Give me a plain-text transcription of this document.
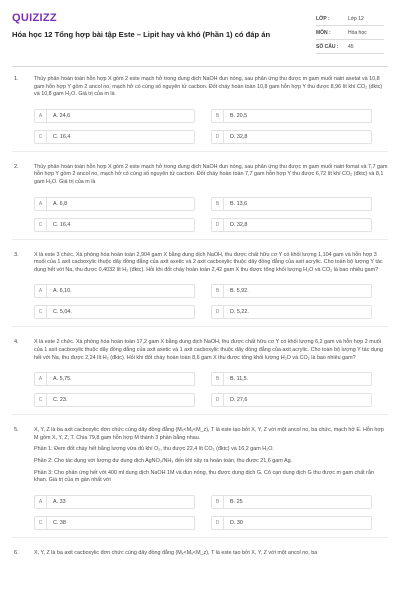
QUIZIZZ
Hóa học 12 Tổng hợp bài tập Este – Lipit hay và khó (Phần 1) có đáp án
LỚP :	Lớp 12
MÔN :	Hóa học
SỐ CÂU :	45
1.	Thủy phân hoàn toàn hỗn hợp X gồm 2 este mạch hở trong dung dịch NaOH đun nóng, sau phản ứng thu được m gam muối natri axetat và 10,8 gam hỗn hợp Y gồm 2 ancol no, mạch hở có cùng số nguyên tử cacbon. Đốt cháy hoàn toàn 10,8 gam hỗn hợp Y thu được 8,96 lít khí CO₂ (đktc) và 10,8 gam H₂O. Giá trị của m là

A	A. 24,6	B	B. 20,5
C	C. 16,4	D	D. 32,8
2.	Thủy phân hoàn toàn hỗn hợp X gồm 2 este mạch hở trong dung dịch NaOH đun nóng, sau phản ứng thu được m gam muối natri fomat và 7,7 gam hỗn hợp Y gồm 2 ancol no, mạch hở có cùng số nguyên tử cacbon. Đốt cháy hoàn toàn 7,7 gam hỗn hợp Y thu được 6,72 lít khí CO₂ (đktc) và 8,1 gam H₂O. Giá trị của m là

A	A. 6,8	B	B. 13,6
C	C. 16,4	D	D. 32,8
3.	X là este 3 chức. Xà phòng hóa hoàn toàn 2,904 gam X bằng dung dịch NaOH, thu được chất hữu cơ Y có khối lượng 1,104 gam và hỗn hợp 3 muối của 1 axit cacboxylic thuộc dãy đồng đẳng của axit axetic và 2 axit cacboxylic thuộc dãy đồng đẳng của axit acrylic. Cho toàn bộ lượng Y tác dụng hết với Na, thu được 0,4032 lít H₂ (đktc). Hỏi khi đốt cháy hoàn toàn 2,42 gam X thu được tổng khối lượng H₂O và CO₂ là bao nhiêu gam?

A	A. 6,10.	B	B. 5,92.
C	C. 5,04.	D	D. 5,22.
4.	X là este 2 chức. Xà phòng hóa hoàn toàn 17,2 gam X bằng dung dịch NaOH, thu được chất hữu cơ Y có khối lượng 6,2 gam và hỗn hợp 2 muối của 1 axit cacboxylic thuộc dãy đồng đẳng của axit axetic và 1 axit cacboxylic thuộc dãy đồng đẳng của axit acrylic. Cho toàn bộ lượng Y tác dụng hết với Na, thu được 2,24 lít H₂ (đktc). Hỏi khi đốt cháy hoàn toàn 8,6 gam X thu được tổng khối lượng H₂O và CO₂ là bao nhiêu gam?

A	A. 5,75.	B	B. 11,5.
C	C. 23.	D	D. 27,6
5.	X, Y, Z là ba axit cacboxylic đơn chức cùng dãy đồng đẳng (Mₓ<Mᵧ<M_z), T là este tạo bởi X, Y, Z với một ancol no, ba chức, mạch hở E. Hỗn hợp M gồm X, Y, Z, T. Chia 79,8 gam hỗn hợp M thành 3 phần bằng nhau.

Phần 1: Đem đốt cháy hết bằng lượng vừa đủ khí O₂, thu được 22,4 lít CO₂ (đktc) và 16,2 gam H₂O.

Phần 2: Cho tác dụng với lượng dư dung dịch AgNO₃/NH₃ đến khi xảy ra hoàn toàn, thu được 21,6 gam Ag.

Phần 3: Cho phản ứng hết với 400 ml dung dịch NaOH 1M và đun nóng, thu được dung dịch G. Cô cạn dung dịch G thu được m gam chất rắn khan. Giá trị của m gần nhất với

A	A. 33	B	B. 25
C	C. 38	D	D. 30
6.	X, Y, Z là ba axit cacboxylic đơn chức cùng dãy đồng đẳng (Mₓ<Mᵧ<M_z), T là este tạo bởi X, Y, Z với một ancol no, ba
